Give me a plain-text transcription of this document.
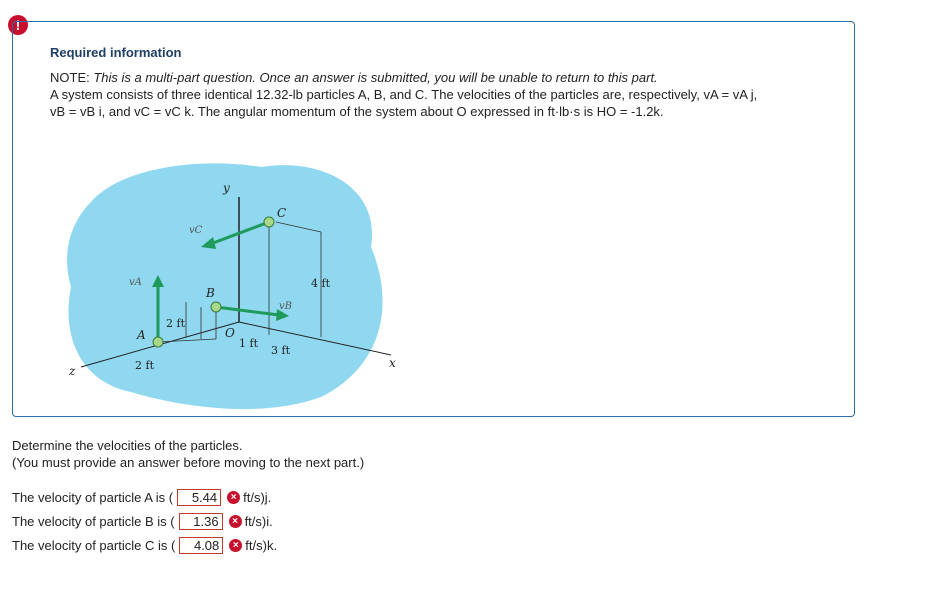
!
Required information
NOTE: This is a multi-part question. Once an answer is submitted, you will be unable to return to this part.
A system consists of three identical 12.32-lb particles A, B, and C. The velocities of the particles are, respectively, vA = vA j,
vB = vB i, and vC = vC k. The angular momentum of the system about O expressed in ft·lb·s is HO = -1.2k.
y
x
z
A
B
C
O
vA
vB
vC
4 ft
2 ft
2 ft
1 ft
3 ft
Determine the velocities of the particles.
(You must provide an answer before moving to the next part.)
The velocity of particle A is (	5.44	× ft/s)j.
The velocity of particle B is (	1.36	× ft/s)i.
The velocity of particle C is (	4.08	× ft/s)k.
